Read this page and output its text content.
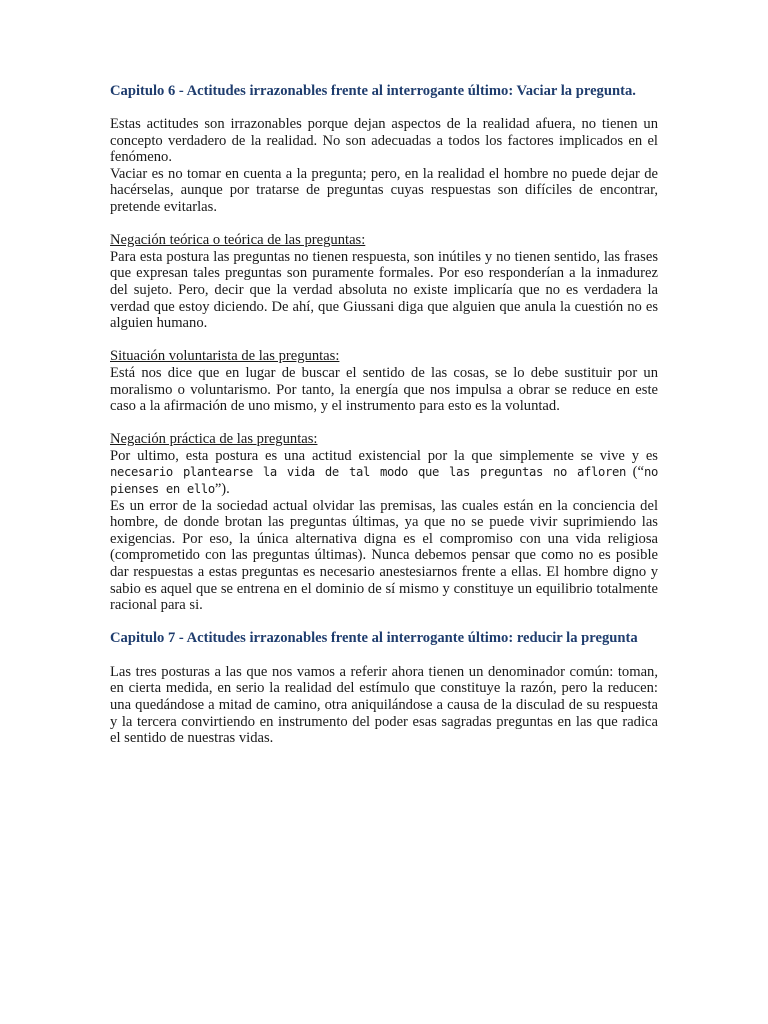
Capitulo 6 - Actitudes irrazonables frente al interrogante último: Vaciar la pregunta.

Estas actitudes son irrazonables porque dejan aspectos de la realidad afuera, no tienen un concepto verdadero de la realidad. No son adecuadas a todos los factores implicados en el fenómeno.

Vaciar es no tomar en cuenta a la pregunta; pero, en la realidad el hombre no puede dejar de hacérselas, aunque por tratarse de preguntas cuyas respuestas son difíciles de encontrar, pretende evitarlas.

Negación teórica o teórica de las preguntas:

Para esta postura las preguntas no tienen respuesta, son inútiles y no tienen sentido, las frases que expresan tales preguntas son puramente formales. Por eso responderían a la inmadurez del sujeto. Pero, decir que la verdad absoluta no existe implicaría que no es verdadera la verdad que estoy diciendo. De ahí, que Giussani diga que alguien que anula la cuestión no es alguien humano.

Situación voluntarista de las preguntas:

Está nos dice que en lugar de buscar el sentido de las cosas, se lo debe sustituir por un moralismo o voluntarismo. Por tanto, la energía que nos impulsa a obrar se reduce en este caso a la afirmación de uno mismo, y el instrumento para esto es la voluntad.

Negación práctica de las preguntas:

Por ultimo, esta postura es una actitud existencial por la que simplemente se vive y es
necesario plantearse la vida de tal modo que las preguntas no afloren (“no pienses en ello”).

Es un error de la sociedad actual olvidar las premisas, las cuales están en la conciencia del hombre, de donde brotan las preguntas últimas, ya que no se puede vivir suprimiendo las exigencias. Por eso, la única alternativa digna es el compromiso con una vida religiosa (comprometido con las preguntas últimas). Nunca debemos pensar que como no es posible dar respuestas a estas preguntas es necesario anestesiarnos frente a ellas. El hombre digno y sabio es aquel que se entrena en el dominio de sí mismo y constituye un equilibrio totalmente racional para si.

Capitulo 7 - Actitudes irrazonables frente al interrogante último: reducir la pregunta

Las tres posturas a las que nos vamos a referir ahora tienen un denominador común: toman, en cierta medida, en serio la realidad del estímulo que constituye la razón, pero la reducen: una quedándose a mitad de camino, otra aniquilándose a causa de la disculad de su respuesta y la tercera convirtiendo en instrumento del poder esas sagradas preguntas en las que radica el sentido de nuestras vidas.
